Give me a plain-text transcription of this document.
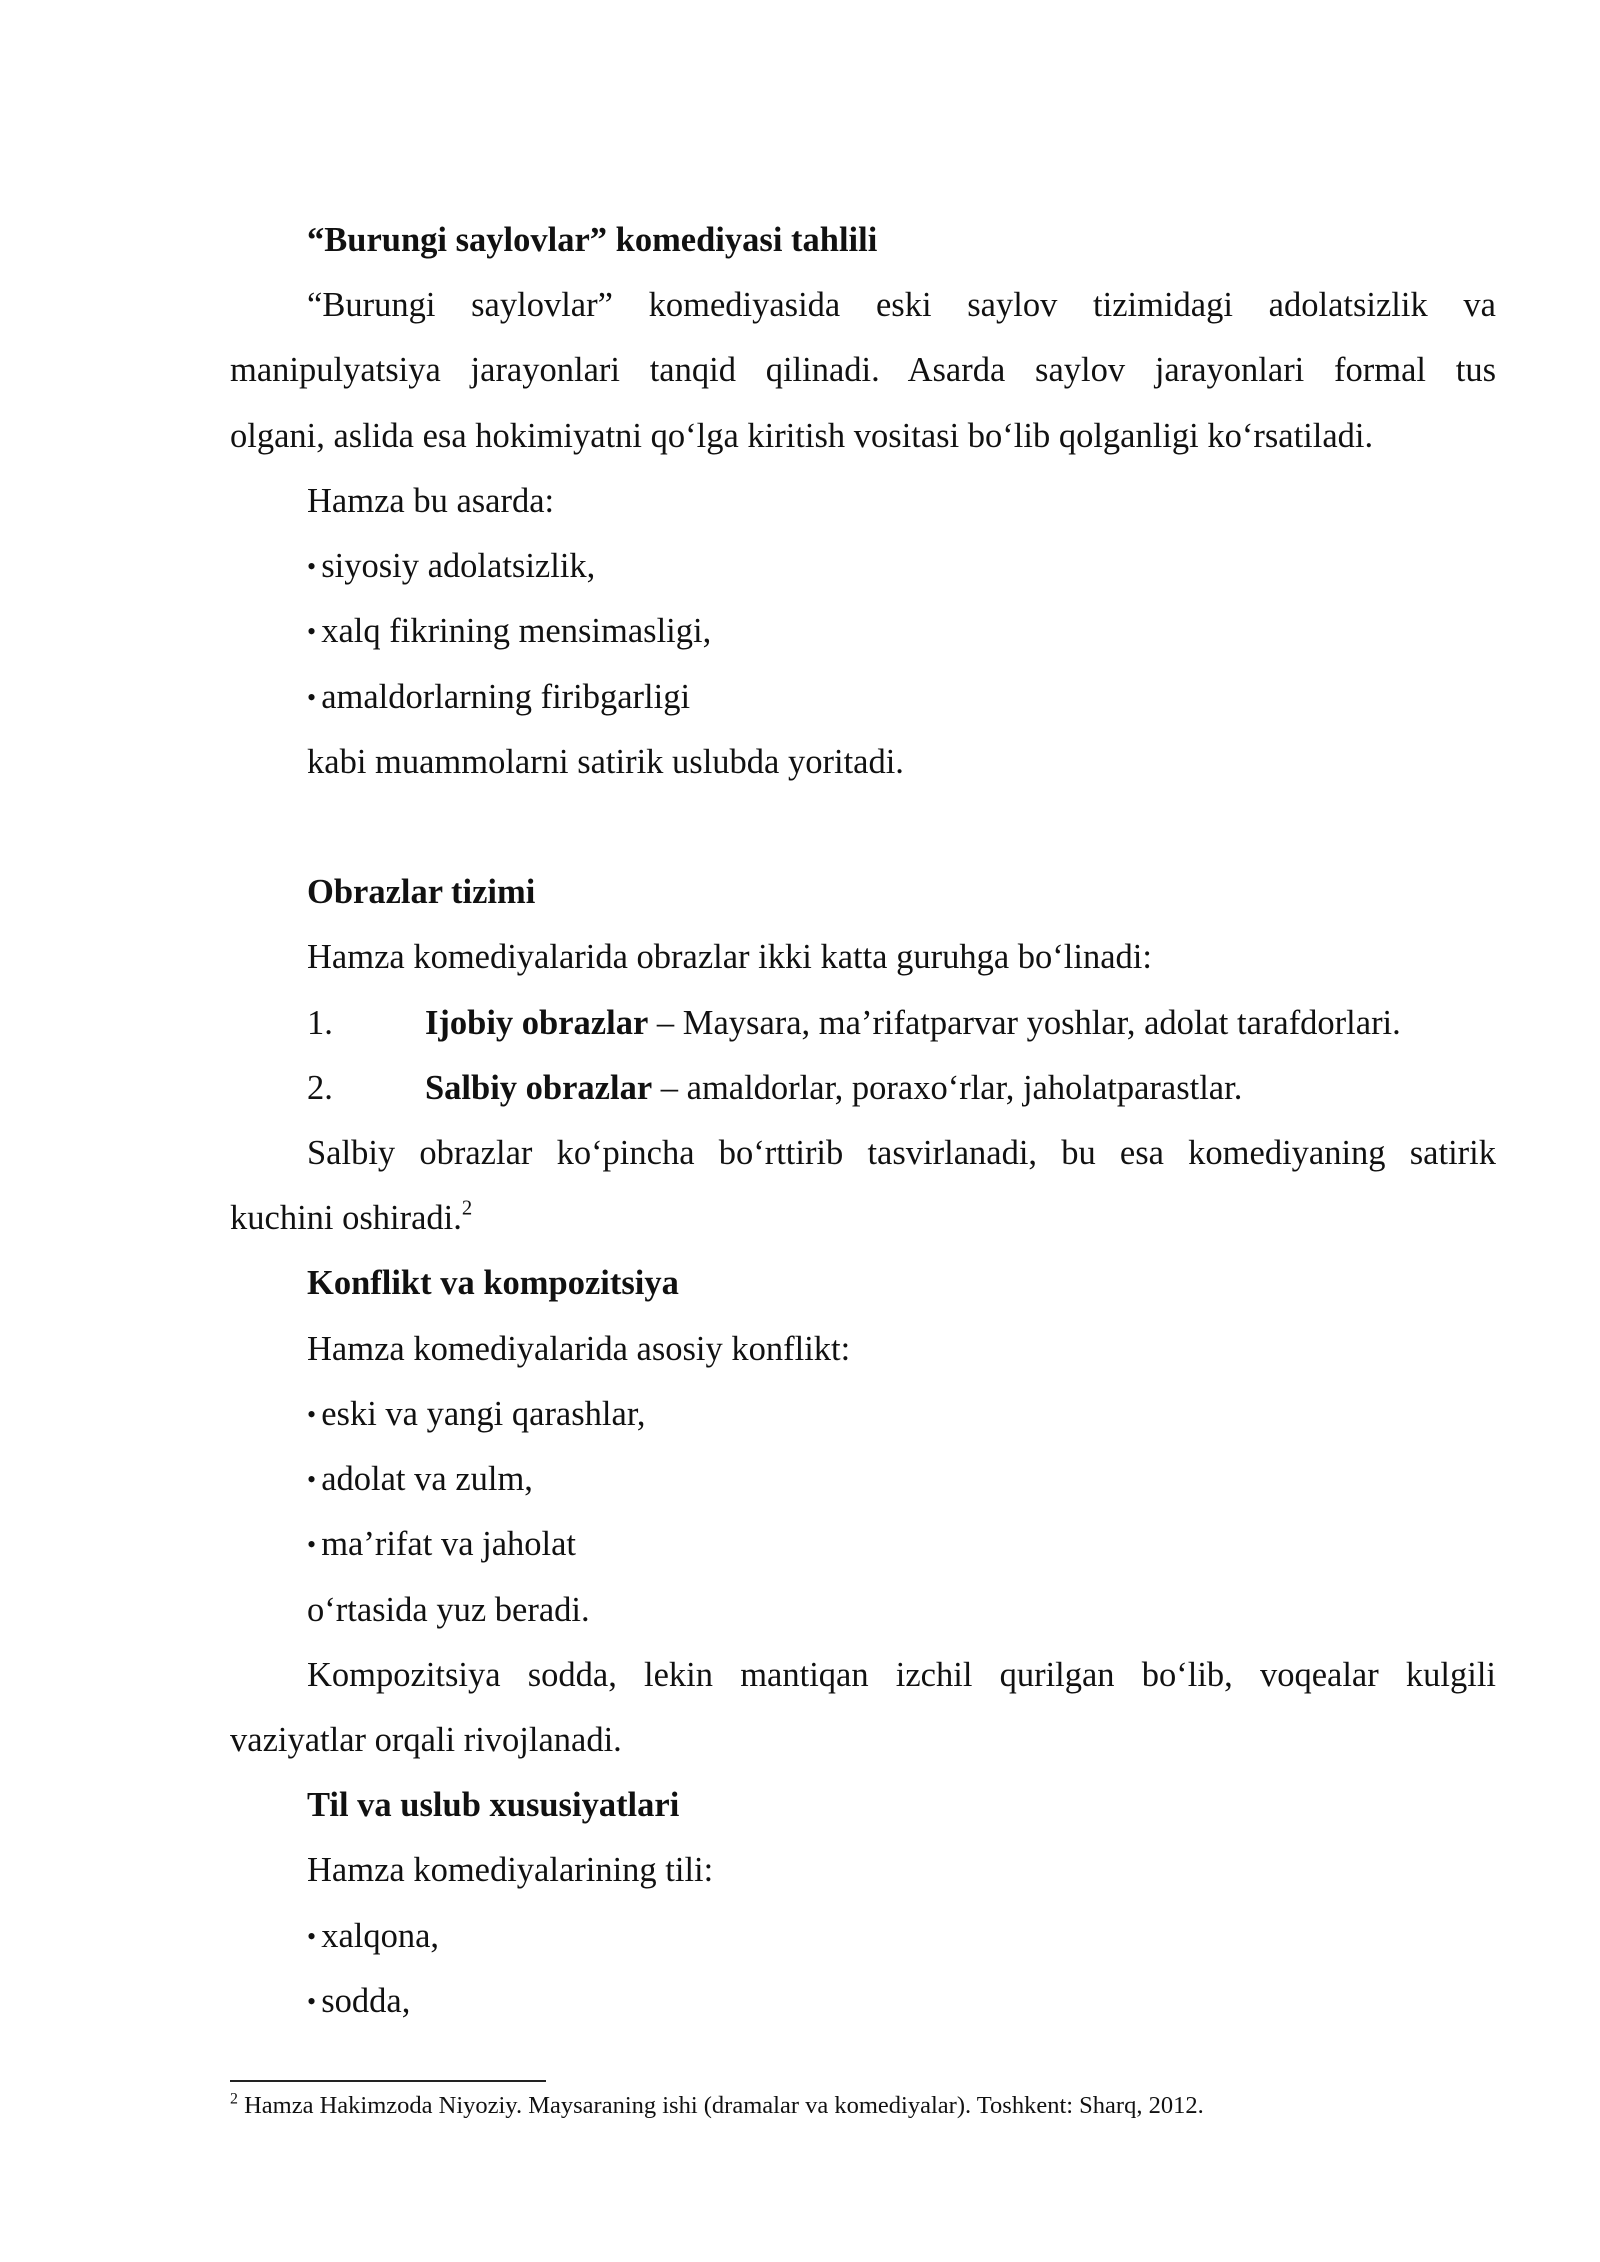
“Burungi saylovlar” komediyasi tahlili
“Burungi saylovlar” komediyasida eski saylov tizimidagi adolatsizlik va
manipulyatsiya jarayonlari tanqid qilinadi. Asarda saylov jarayonlari formal tus
olgani, aslida esa hokimiyatni qoʻlga kiritish vositasi boʻlib qolganligi koʻrsatiladi.
Hamza bu asarda:
• siyosiy adolatsizlik,
• xalq fikrining mensimasligi,
• amaldorlarning firibgarligi
kabi muammolarni satirik uslubda yoritadi.
Obrazlar tizimi
Hamza komediyalarida obrazlar ikki katta guruhga boʻlinadi:
1.	Ijobiy obrazlar – Maysara, ma’rifatparvar yoshlar, adolat tarafdorlari.
2.	Salbiy obrazlar – amaldorlar, poraxoʻrlar, jaholatparastlar.
Salbiy obrazlar koʻpincha boʻrttirib tasvirlanadi, bu esa komediyaning satirik
kuchini oshiradi.$^2$
Konflikt va kompozitsiya
Hamza komediyalarida asosiy konflikt:
• eski va yangi qarashlar,
• adolat va zulm,
• ma’rifat va jaholat
oʻrtasida yuz beradi.
Kompozitsiya sodda, lekin mantiqan izchil qurilgan boʻlib, voqealar kulgili
vaziyatlar orqali rivojlanadi.
Til va uslub xususiyatlari
Hamza komediyalarining tili:
• xalqona,
• sodda,
$^2$ Hamza Hakimzoda Niyoziy. Maysaraning ishi (dramalar va komediyalar). Toshkent: Sharq, 2012.
